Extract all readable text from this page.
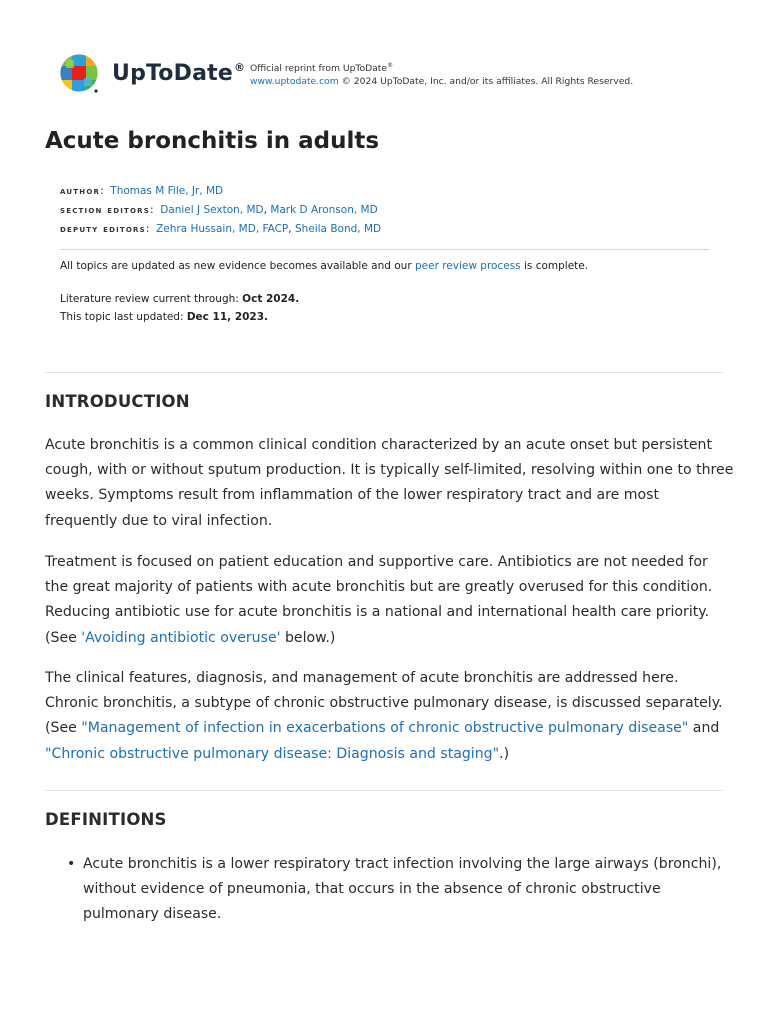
UpToDate® Official reprint from UpToDate®
www.uptodate.com © 2024 UpToDate, Inc. and/or its affiliates. All Rights Reserved.
Acute bronchitis in adults
author:  Thomas M File, Jr, MD
section editors:  Daniel J Sexton, MD, Mark D Aronson, MD
deputy editors:  Zehra Hussain, MD, FACP, Sheila Bond, MD
All topics are updated as new evidence becomes available and our peer review process is complete.
Literature review current through: Oct 2024.
This topic last updated: Dec 11, 2023.
INTRODUCTION

Acute bronchitis is a common clinical condition characterized by an acute onset but persistent cough, with or without sputum production. It is typically self-limited, resolving within one to three weeks. Symptoms result from inflammation of the lower respiratory tract and are most frequently due to viral infection.

Treatment is focused on patient education and supportive care. Antibiotics are not needed for the great majority of patients with acute bronchitis but are greatly overused for this condition. Reducing antibiotic use for acute bronchitis is a national and international health care priority. (See 'Avoiding antibiotic overuse' below.)

The clinical features, diagnosis, and management of acute bronchitis are addressed here. Chronic bronchitis, a subtype of chronic obstructive pulmonary disease, is discussed separately. (See "Management of infection in exacerbations of chronic obstructive pulmonary disease" and "Chronic obstructive pulmonary disease: Diagnosis and staging".)

DEFINITIONS
• Acute bronchitis is a lower respiratory tract infection involving the large airways (bronchi), without evidence of pneumonia, that occurs in the absence of chronic obstructive pulmonary disease.
